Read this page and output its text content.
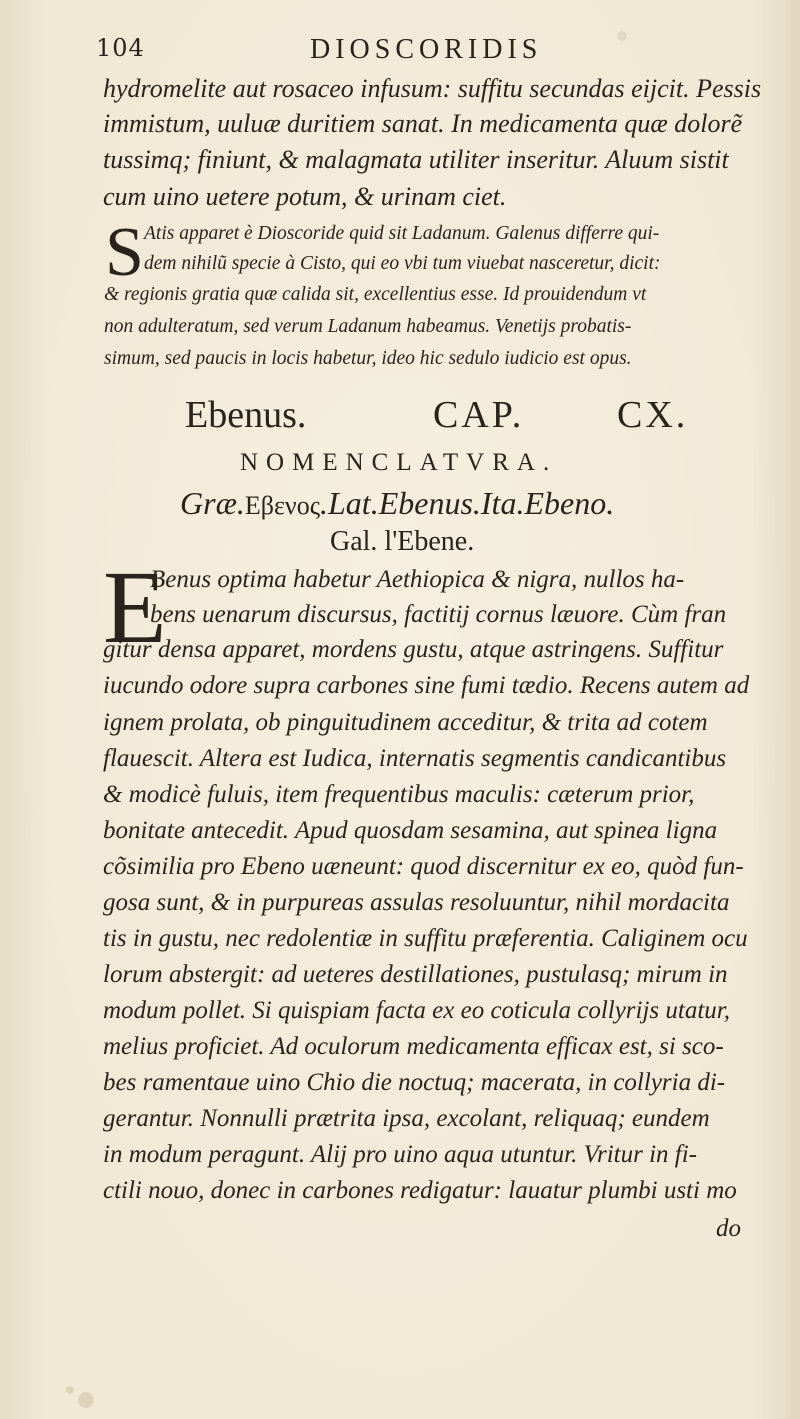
104	DIOSCORIDIS
hydromelite aut rosaceo infusum: suffitu secundas eijcit. Pessis
immistum, uuluæ duritiem sanat. In medicamenta quæ dolorẽ
tussimq; finiunt, & malagmata utiliter inseritur. Aluum sistit
cum uino uetere potum, & urinam ciet.
S Atis apparet è Dioscoride quid sit Ladanum. Galenus differre qui-
dem nihilũ specie à Cisto, qui eo vbi tum viuebat nasceretur, dicit:
& regionis gratia quæ calida sit, excellentius esse. Id prouidendum vt
non adulteratum, sed verum Ladanum habeamus. Venetijs probatis-
simum, sed paucis in locis habetur, ideo hic sedulo iudicio est opus.
Ebenus.	CAP. CX.
NOMENCLATVRA.
Græ.Εβενος.Lat.Ebenus.Ita.Ebeno.
Gal. l'Ebene.
E
Benus optima habetur Aethiopica & nigra, nullos ha-
bens uenarum discursus, factitij cornus læuore. Cùm fran
gitur densa apparet, mordens gustu, atque astringens. Suffitur
iucundo odore supra carbones sine fumi tædio. Recens autem ad
ignem prolata, ob pinguitudinem acceditur, & trita ad cotem
flauescit. Altera est Iudica, internatis segmentis candicantibus
& modicè fuluis, item frequentibus maculis: cæterum prior,
bonitate antecedit. Apud quosdam sesamina, aut spinea ligna
cõsimilia pro Ebeno uæneunt: quod discernitur ex eo, quòd fun-
gosa sunt, & in purpureas assulas resoluuntur, nihil mordacita
tis in gustu, nec redolentiæ in suffitu præferentia. Caliginem ocu
lorum abstergit: ad ueteres destillationes, pustulasq; mirum in
modum pollet. Si quispiam facta ex eo coticula collyrijs utatur,
melius proficiet. Ad oculorum medicamenta efficax est, si sco-
bes ramentaue uino Chio die noctuq; macerata, in collyria di-
gerantur. Nonnulli prætrita ipsa, excolant, reliquaq; eundem
in modum peragunt. Alij pro uino aqua utuntur. Vritur in fi-
ctili nouo, donec in carbones redigatur: lauatur plumbi usti mo
do
